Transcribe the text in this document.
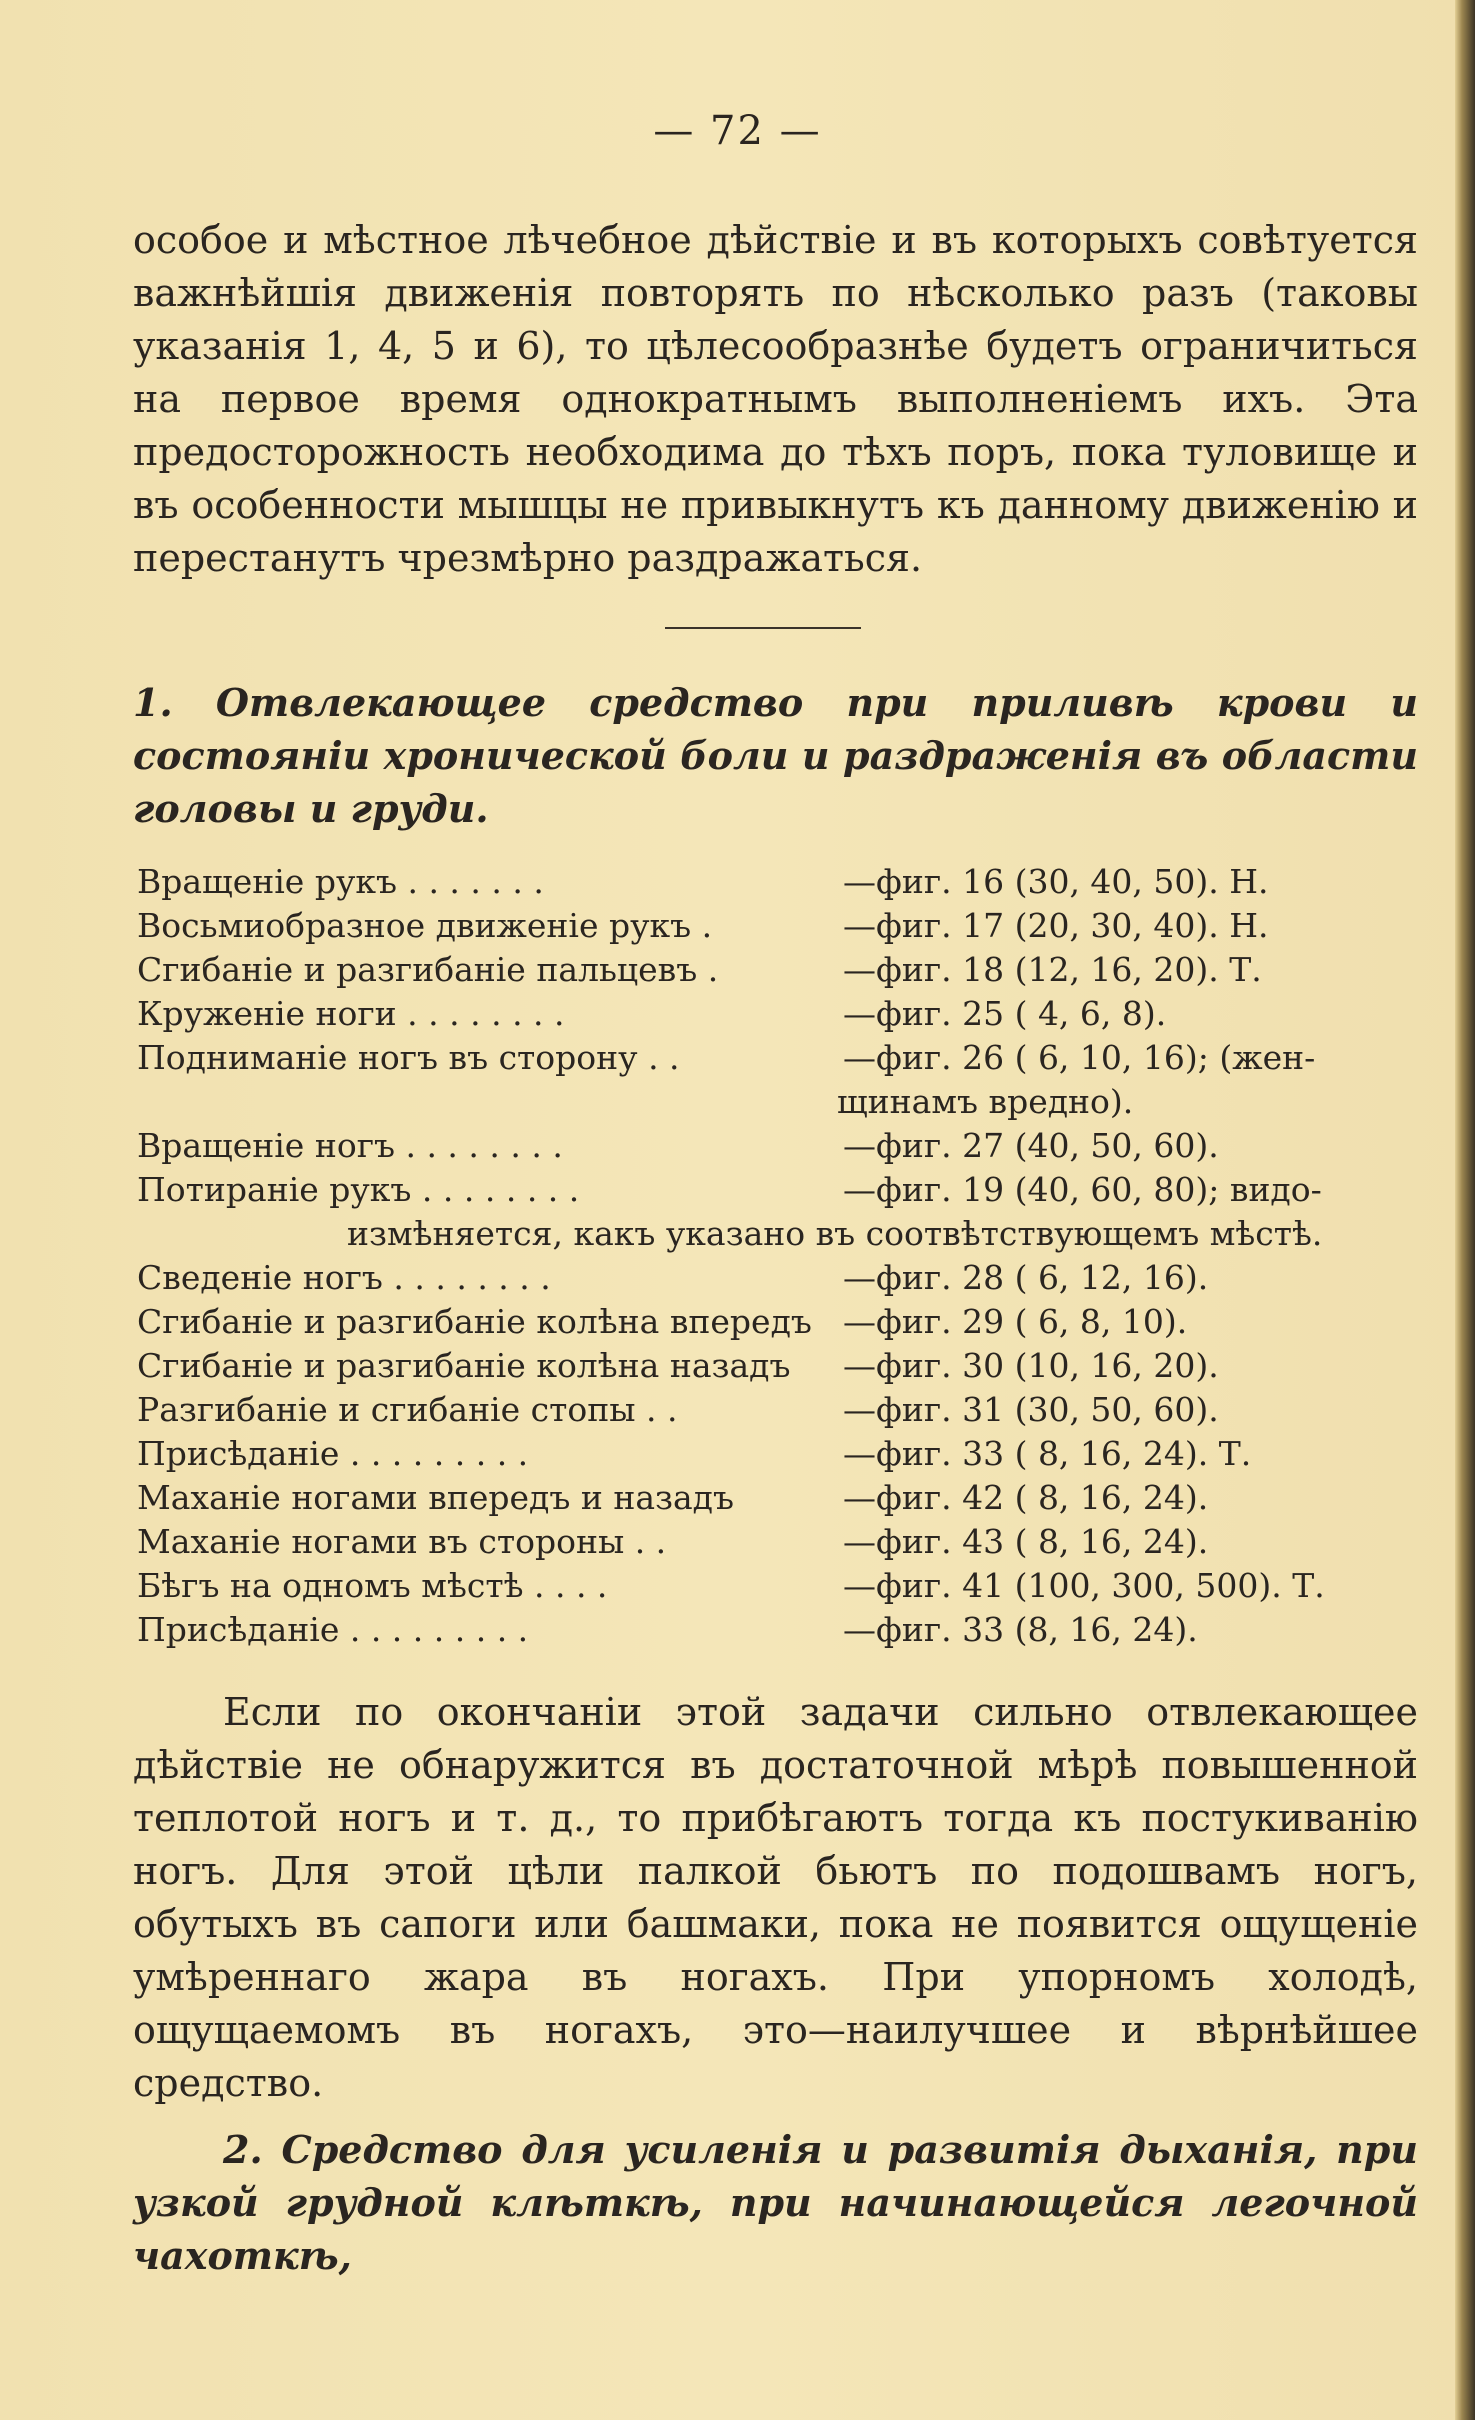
— 72 —
особое и мѣстное лѣчебное дѣйствіе и въ которыхъ совѣтуется важнѣйшія движенія повторять по нѣсколько разъ (таковы указанія 1, 4, 5 и 6), то цѣлесообразнѣе будетъ ограничиться на первое время однократнымъ выполненіемъ ихъ. Эта предосторожность необходима до тѣхъ поръ, пока туловище и въ особенности мышцы не привыкнутъ къ данному движенію и перестанутъ чрезмѣрно раздражаться.
1. Отвлекающее средство при приливѣ крови и состояніи хронической боли и раздраженія въ области головы и груди.
Вращеніе рукъ . . . . . . .	—фиг. 16 (30, 40, 50). Н.
Восьмиобразное движеніе рукъ .	—фиг. 17 (20, 30, 40). Н.
Сгибаніе и разгибаніе пальцевъ .	—фиг. 18 (12, 16, 20). Т.
Круженіе ноги . . . . . . . .	—фиг. 25 ( 4, 6, 8).
Подниманіе ногъ въ сторону . .	—фиг. 26 ( 6, 10, 16); (жен-
щинамъ вредно).
Вращеніе ногъ . . . . . . . .	—фиг. 27 (40, 50, 60).
Потираніе рукъ . . . . . . . .	—фиг. 19 (40, 60, 80); видо-
измѣняется, какъ указано въ соотвѣтствующемъ мѣстѣ.
Сведеніе ногъ . . . . . . . .	—фиг. 28 ( 6, 12, 16).
Сгибаніе и разгибаніе колѣна впередъ —фиг. 29 ( 6, 8, 10).
Сгибаніе и разгибаніе колѣна назадъ —фиг. 30 (10, 16, 20).
Разгибаніе и сгибаніе стопы . .	—фиг. 31 (30, 50, 60).
Присѣданіе . . . . . . . . .	—фиг. 33 ( 8, 16, 24). Т.
Маханіе ногами впередъ и назадъ	—фиг. 42 ( 8, 16, 24).
Маханіе ногами въ стороны . .	—фиг. 43 ( 8, 16, 24).
Бѣгъ на одномъ мѣстѣ . . . .	—фиг. 41 (100, 300, 500). Т.
Присѣданіе . . . . . . . . .	—фиг. 33 (8, 16, 24).
Если по окончаніи этой задачи сильно отвлекающее дѣйствіе не обнаружится въ достаточной мѣрѣ повышенной теплотой ногъ и т. д., то прибѣгаютъ тогда къ постукиванію ногъ. Для этой цѣли палкой бьютъ по подошвамъ ногъ, обутыхъ въ сапоги или башмаки, пока не появится ощущеніе умѣреннаго жара въ ногахъ. При упорномъ холодѣ, ощущаемомъ въ ногахъ, это—наилучшее и вѣрнѣйшее средство.
2. Средство для усиленія и развитія дыханія, при узкой грудной клѣткѣ, при начинающейся легочной чахоткѣ,
